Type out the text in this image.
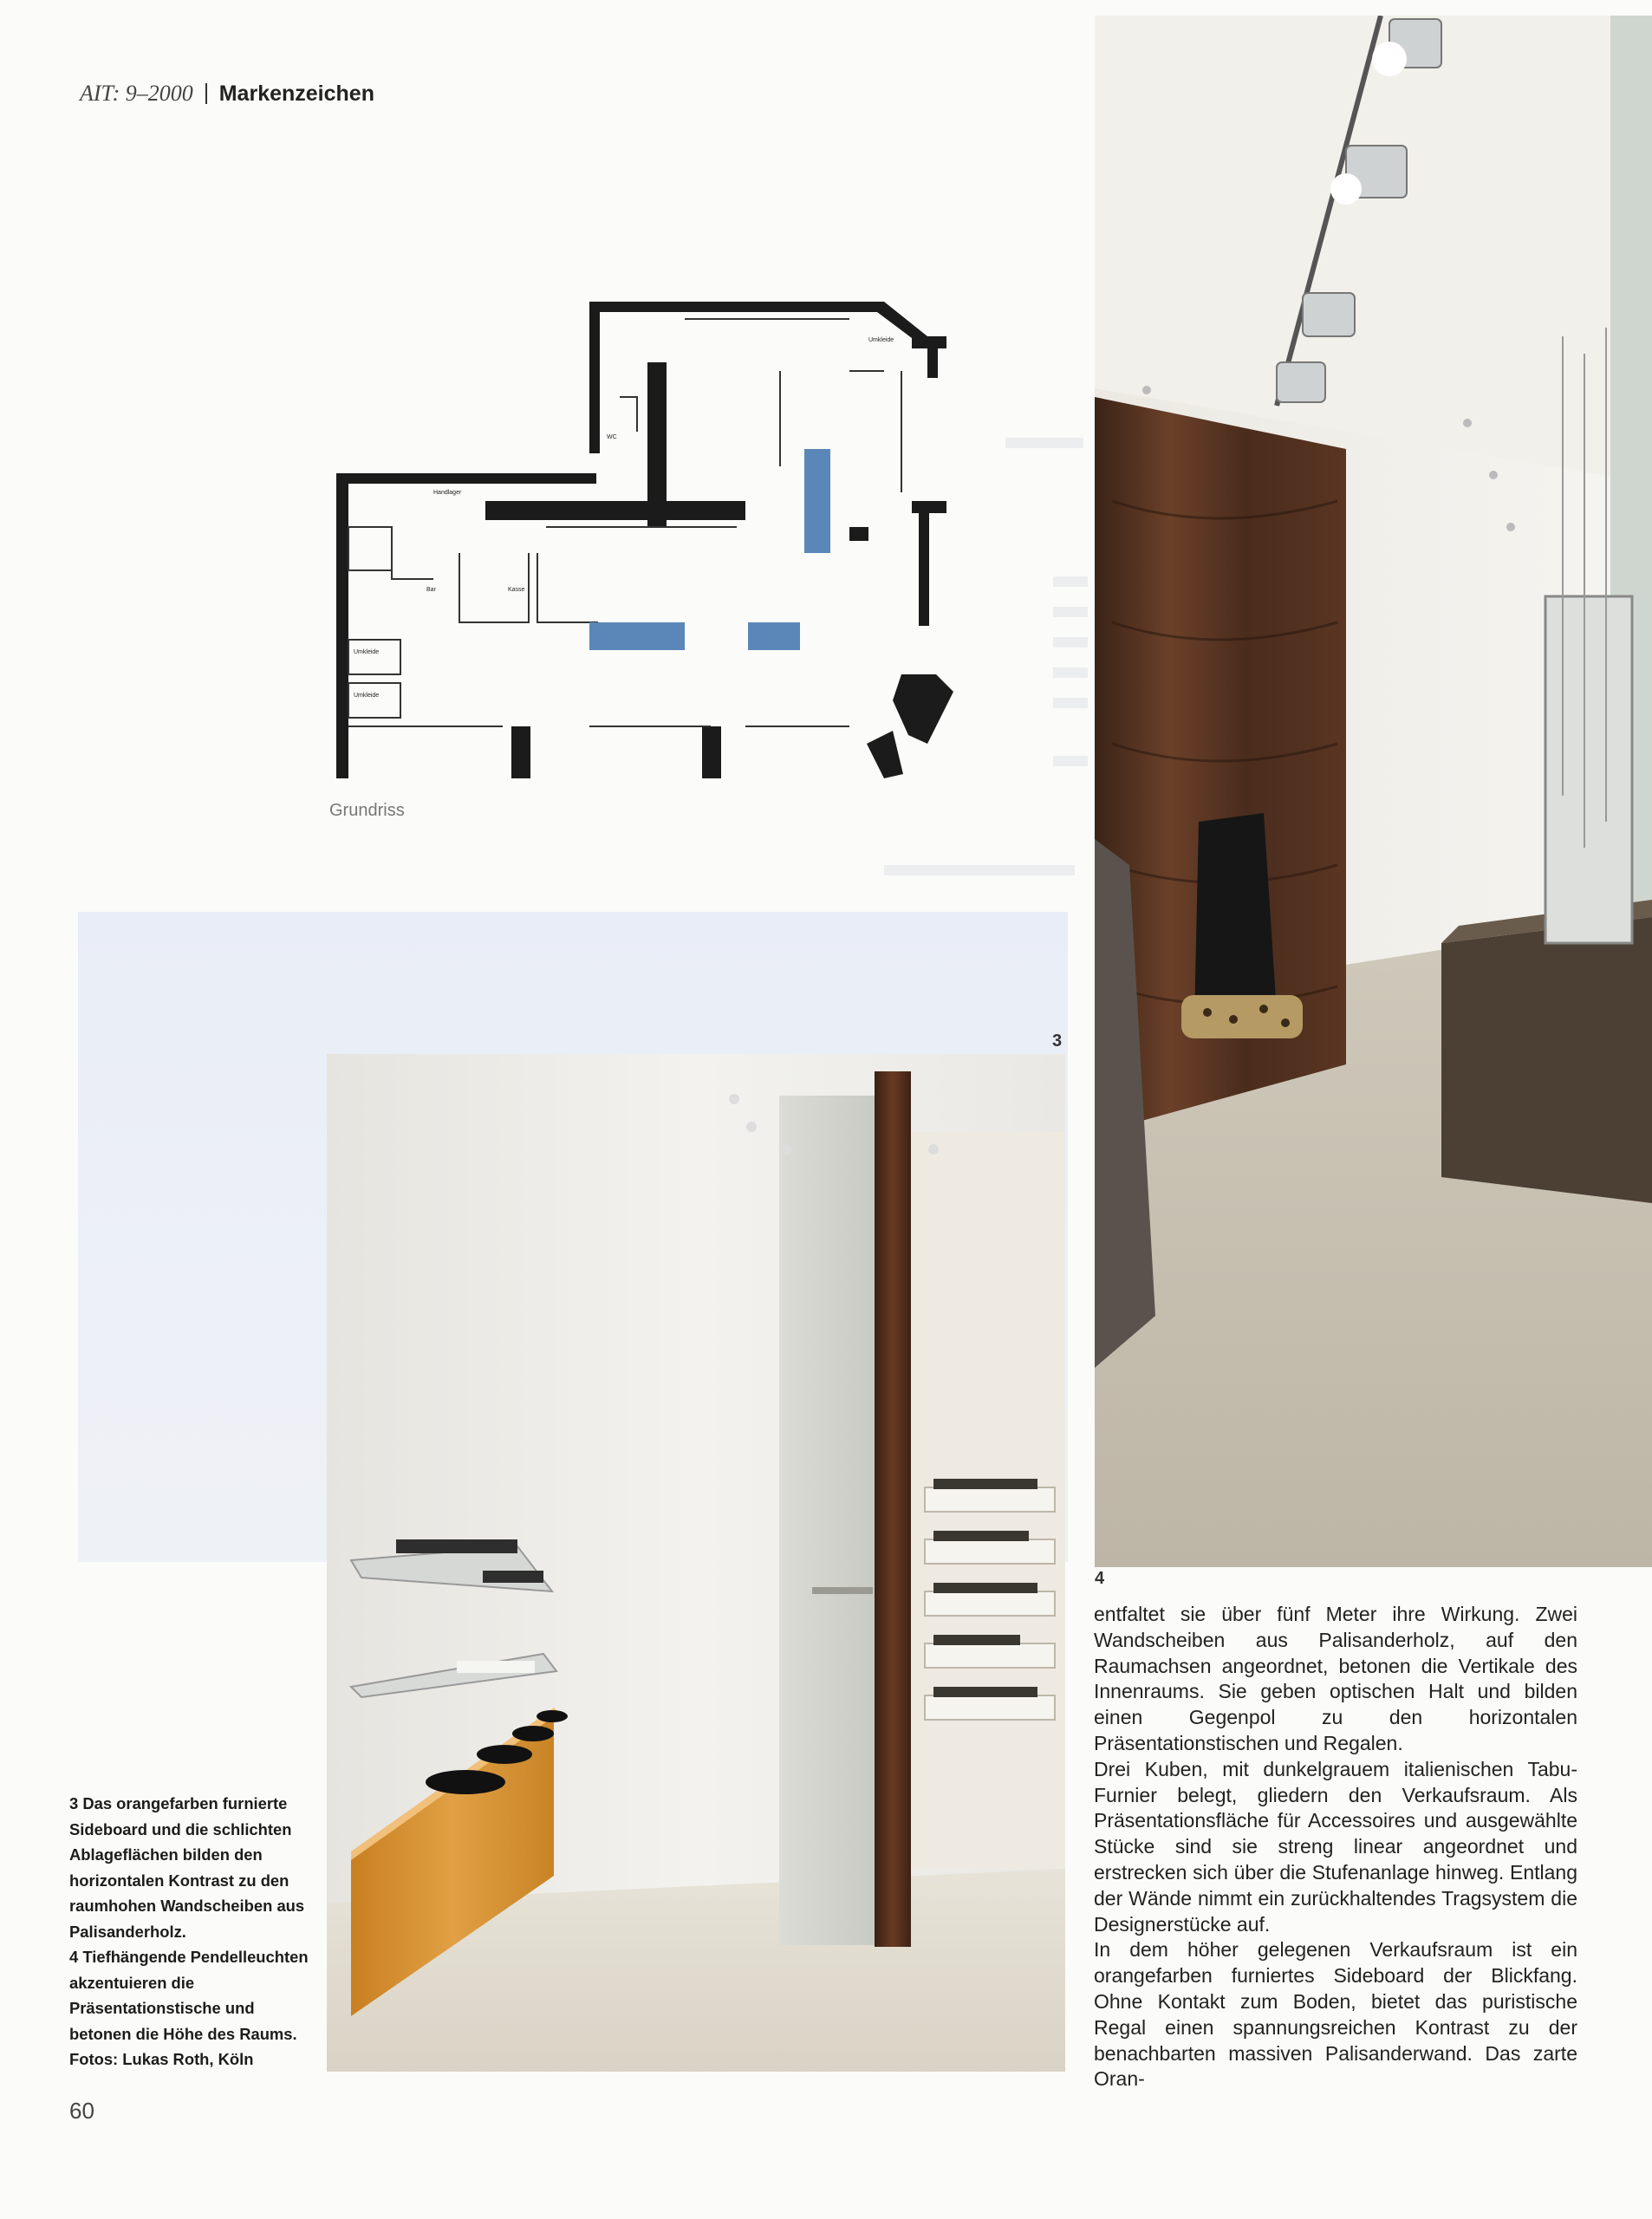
AIT: 9–2000 Markenzeichen
Handlager
WC
Bar	Kasse
Umkleide
Umkleide
Umkleide
Grundriss
3
4

3 Das orangefarben furnierte Sideboard und die schlichten Ablageflächen bilden den horizontalen Kontrast zu den raumhohen Wandscheiben aus Palisanderholz.

4 Tiefhängende Pendelleuchten akzentuieren die Präsentationstische und betonen die Höhe des Raums.

Fotos: Lukas Roth, Köln

entfaltet sie über fünf Meter ihre Wirkung. Zwei Wandscheiben aus Palisanderholz, auf den Raumachsen angeordnet, betonen die Vertikale des Innenraums. Sie geben optischen Halt und bilden einen Gegenpol zu den horizontalen Präsentationstischen und Regalen.

Drei Kuben, mit dunkelgrauem italienischen Tabu-Furnier belegt, gliedern den Verkaufsraum. Als Präsentationsfläche für Accessoires und ausgewählte Stücke sind sie streng linear angeordnet und erstrecken sich über die Stufenanlage hinweg. Entlang der Wände nimmt ein zurückhaltendes Tragsystem die Designerstücke auf.

In dem höher gelegenen Verkaufsraum ist ein orangefarben furniertes Sideboard der Blickfang. Ohne Kontakt zum Boden, bietet das puristische Regal einen spannungsreichen Kontrast zu der benachbarten massiven Palisanderwand. Das zarte Oran-

60
